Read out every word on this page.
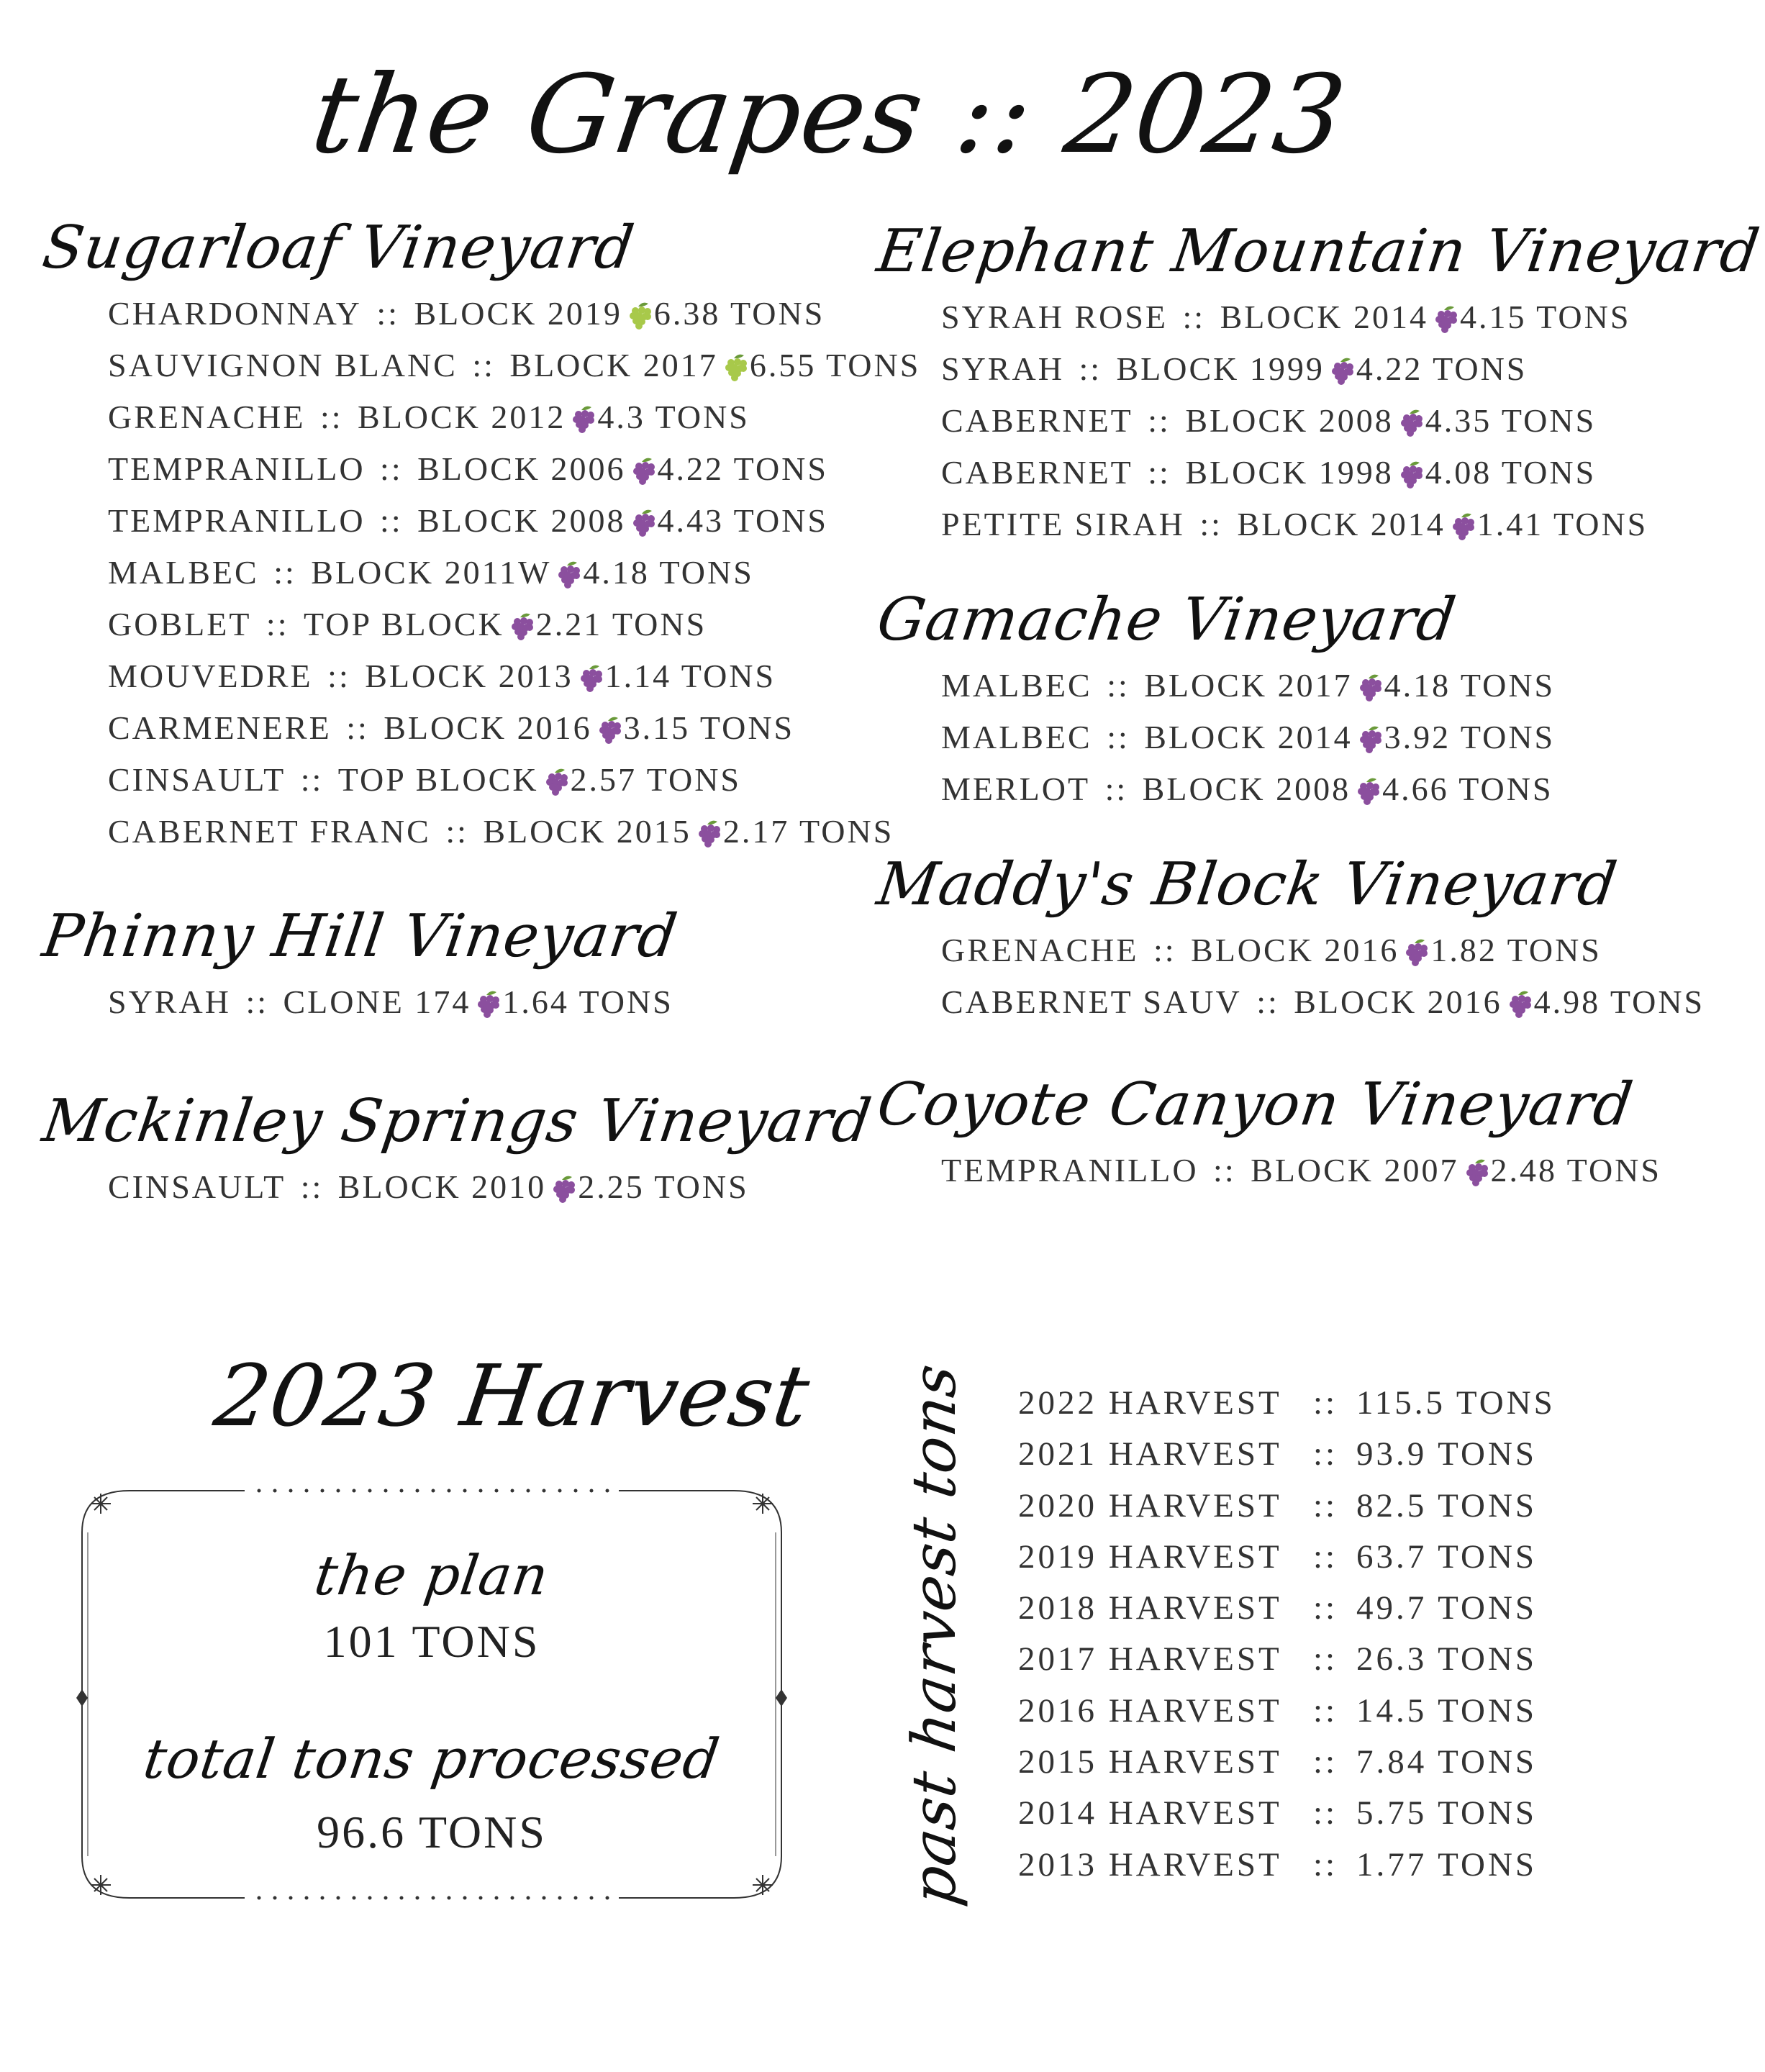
the Grapes :: 2023
Sugarloaf Vineyard
CHARDONNAY :: BLOCK 2019 6.38 TONS
SAUVIGNON BLANC :: BLOCK 2017 6.55 TONS
GRENACHE :: BLOCK 2012 4.3 TONS
TEMPRANILLO :: BLOCK 2006 4.22 TONS
TEMPRANILLO :: BLOCK 2008 4.43 TONS
MALBEC :: BLOCK 2011W 4.18 TONS
GOBLET :: TOP BLOCK 2.21 TONS
MOUVEDRE :: BLOCK 2013 1.14 TONS
CARMENERE :: BLOCK 2016 3.15 TONS
CINSAULT :: TOP BLOCK 2.57 TONS
CABERNET FRANC :: BLOCK 2015 2.17 TONS
Phinny Hill Vineyard
SYRAH :: CLONE 174 1.64 TONS
Mckinley Springs Vineyard
CINSAULT :: BLOCK 2010 2.25 TONS
Elephant Mountain Vineyard
SYRAH ROSE :: BLOCK 2014 4.15 TONS
SYRAH :: BLOCK 1999 4.22 TONS
CABERNET :: BLOCK 2008 4.35 TONS
CABERNET :: BLOCK 1998 4.08 TONS
PETITE SIRAH :: BLOCK 2014 1.41 TONS
Gamache Vineyard
MALBEC :: BLOCK 2017 4.18 TONS
MALBEC :: BLOCK 2014 3.92 TONS
MERLOT :: BLOCK 2008 4.66 TONS
Maddy's Block Vineyard
GRENACHE :: BLOCK 2016 1.82 TONS
CABERNET SAUV :: BLOCK 2016 4.98 TONS
Coyote Canyon Vineyard
TEMPRANILLO :: BLOCK 2007 2.48 TONS
2023 Harvest
the plan
101 TONS
total tons processed
96.6 TONS	past harvest tons 2022 HARVEST :: 115.5 TONS
2021 HARVEST :: 93.9 TONS
2020 HARVEST :: 82.5 TONS
2019 HARVEST :: 63.7 TONS
2018 HARVEST :: 49.7 TONS
2017 HARVEST :: 26.3 TONS
2016 HARVEST :: 14.5 TONS
2015 HARVEST :: 7.84 TONS
2014 HARVEST :: 5.75 TONS
2013 HARVEST :: 1.77 TONS
